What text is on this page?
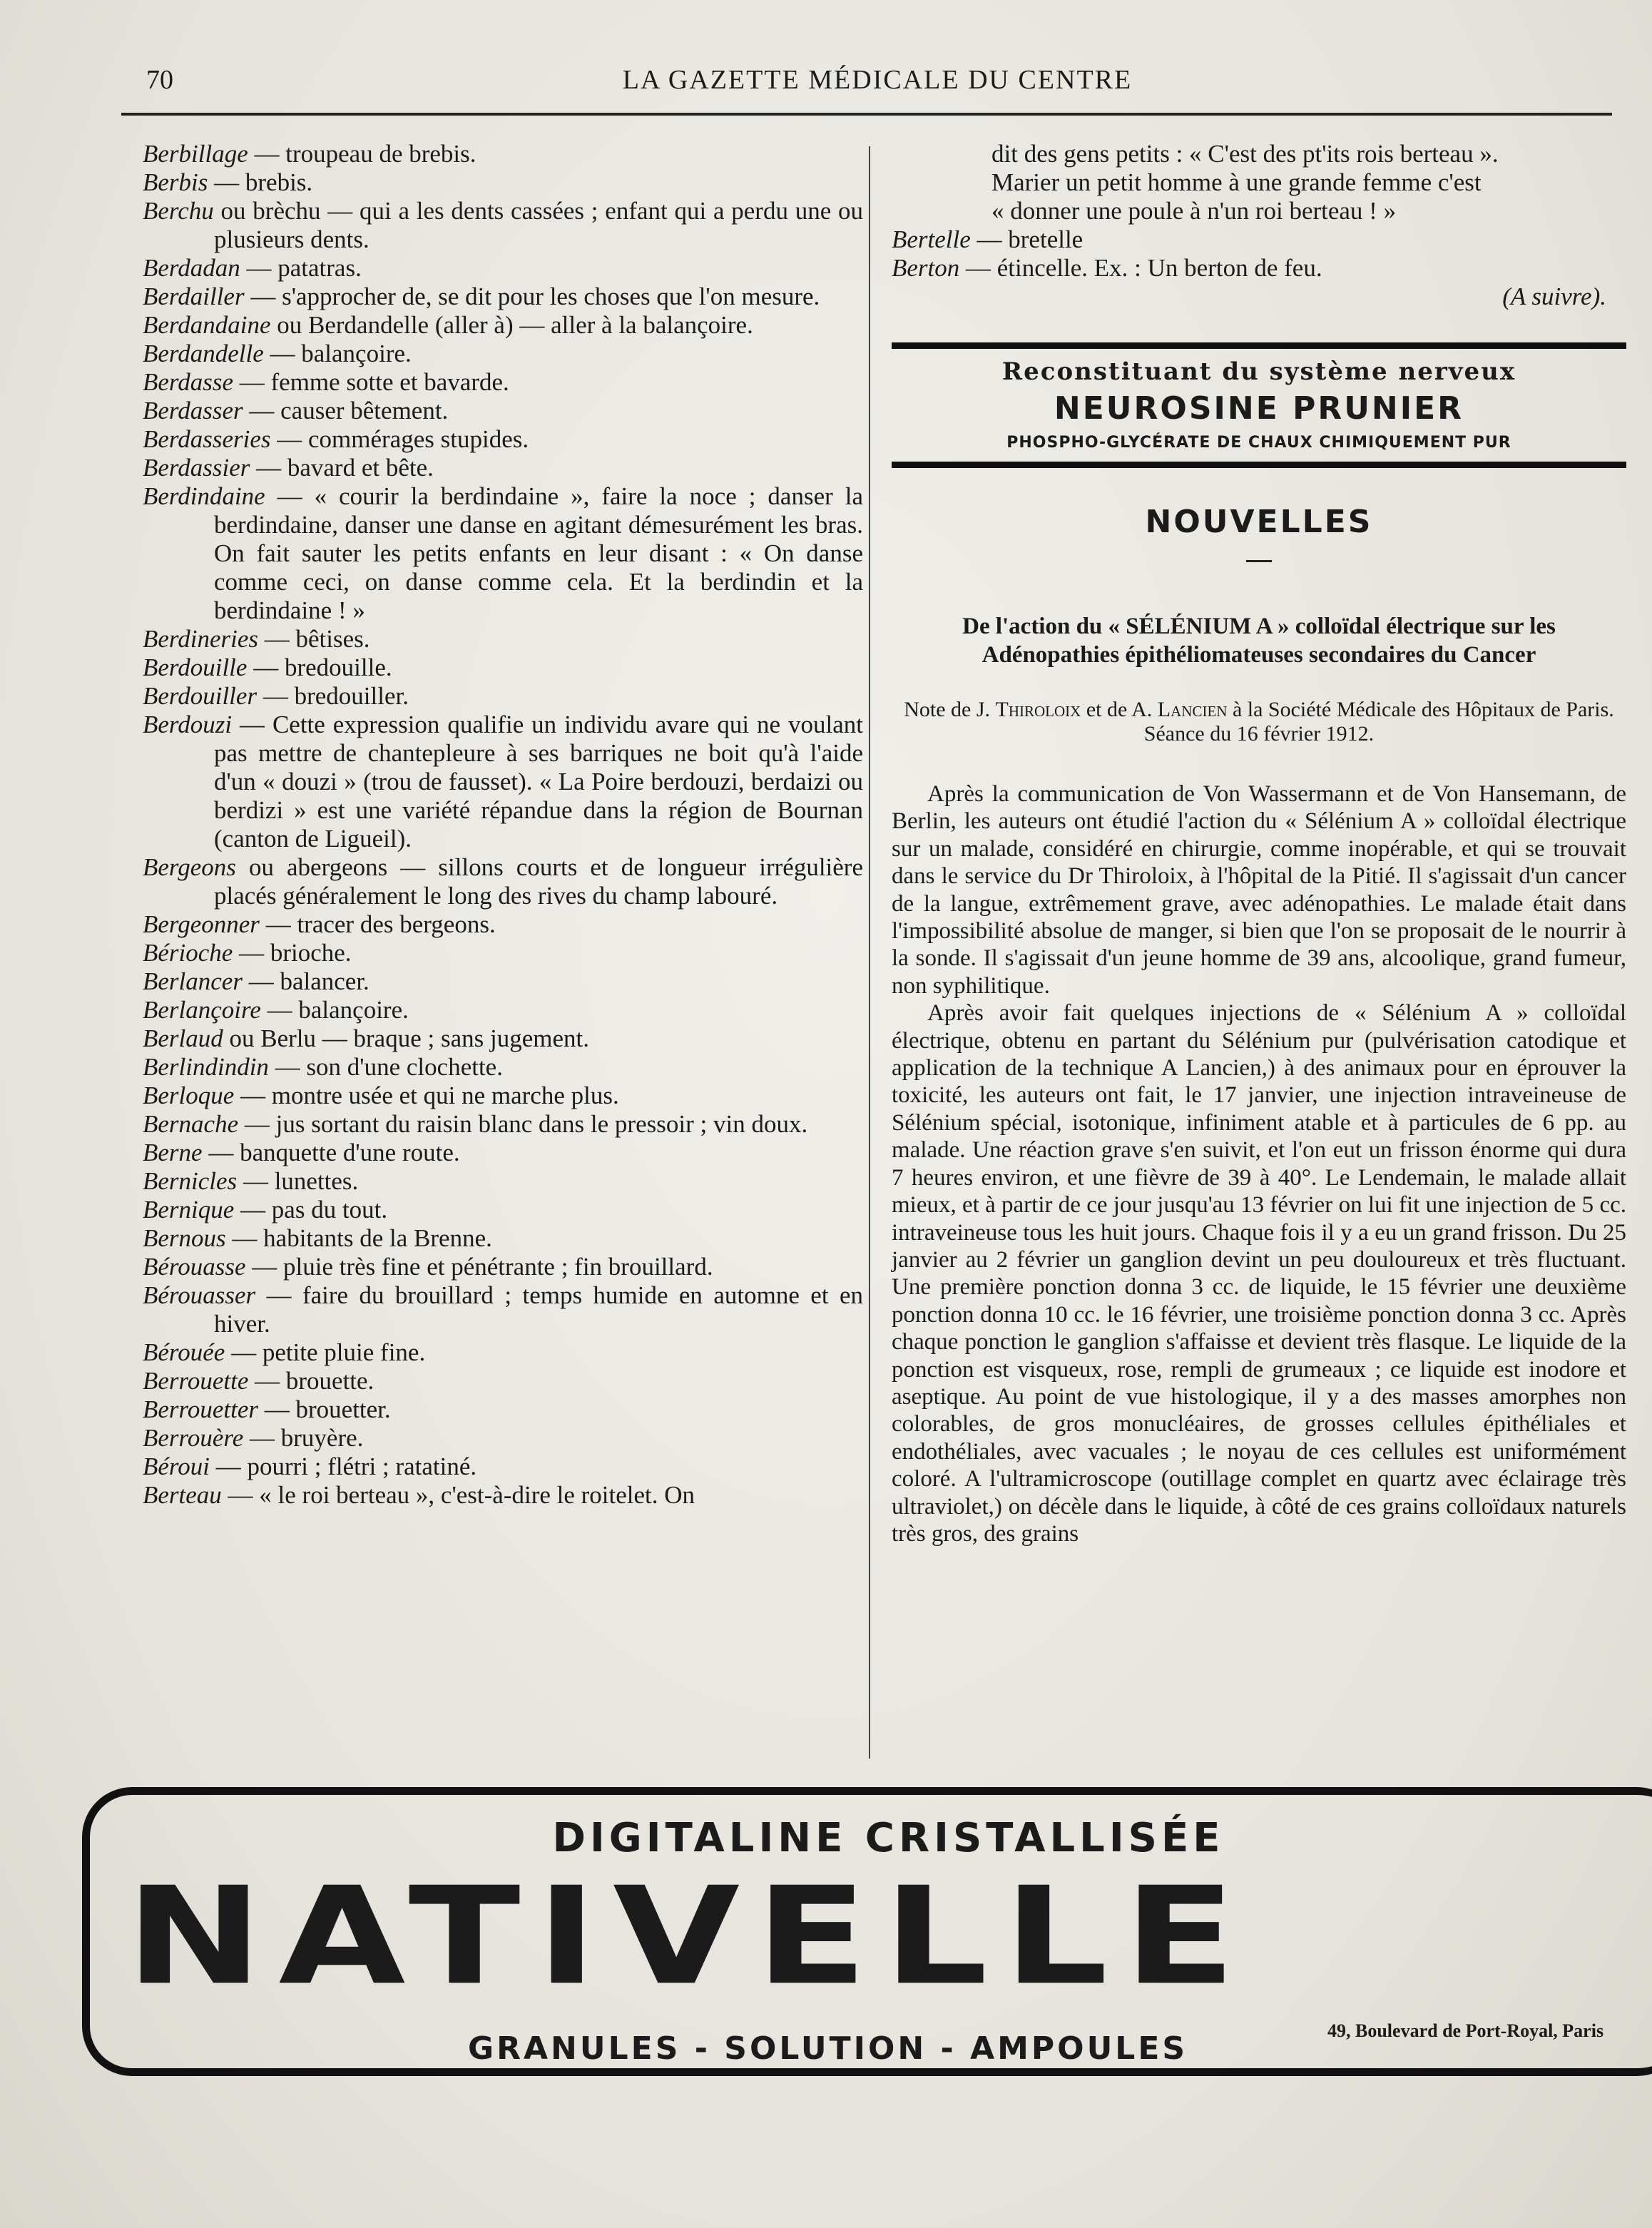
70	LA GAZETTE MÉDICALE DU CENTRE

Berbillage — troupeau de brebis.

Berbis — brebis.

Berchu ou brèchu — qui a les dents cassées ; enfant qui a perdu une ou plusieurs dents.

Berdadan — patatras.

Berdailler — s'approcher de, se dit pour les choses que l'on mesure.

Berdandaine ou Berdandelle (aller à) — aller à la balançoire.

Berdandelle — balançoire.

Berdasse — femme sotte et bavarde.

Berdasser — causer bêtement.

Berdasseries — commérages stupides.

Berdassier — bavard et bête.

Berdindaine — « courir la berdindaine », faire la noce ; danser la berdindaine, danser une danse en agitant démesurément les bras. On fait sauter les petits enfants en leur disant : « On danse comme ceci, on danse comme cela. Et la berdindin et la berdindaine ! »

Berdineries — bêtises.

Berdouille — bredouille.

Berdouiller — bredouiller.

Berdouzi — Cette expression qualifie un individu avare qui ne voulant pas mettre de chantepleure à ses barriques ne boit qu'à l'aide d'un « douzi » (trou de fausset). « La Poire berdouzi, berdaizi ou berdizi » est une variété répandue dans la région de Bournan (canton de Ligueil).

Bergeons ou abergeons — sillons courts et de longueur irrégulière placés généralement le long des rives du champ labouré.

Bergeonner — tracer des bergeons.

Bérioche — brioche.

Berlancer — balancer.

Berlançoire — balançoire.

Berlaud ou Berlu — braque ; sans jugement.

Berlindindin — son d'une clochette.

Berloque — montre usée et qui ne marche plus.

Bernache — jus sortant du raisin blanc dans le pressoir ; vin doux.

Berne — banquette d'une route.

Bernicles — lunettes.

Bernique — pas du tout.

Bernous — habitants de la Brenne.

Bérouasse — pluie très fine et pénétrante ; fin brouillard.

Bérouasser — faire du brouillard ; temps humide en automne et en hiver.

Bérouée — petite pluie fine.

Berrouette — brouette.

Berrouetter — brouetter.

Berrouère — bruyère.

Béroui — pourri ; flétri ; ratatiné.

Berteau — « le roi berteau », c'est-à-dire le roitelet. On

dit des gens petits : « C'est des pt'its rois berteau ».

Marier un petit homme à une grande femme c'est

« donner une poule à n'un roi berteau ! »

Bertelle — bretelle

Berton — étincelle. Ex. : Un berton de feu.

(A suivre).

Reconstituant du système nerveux
NEUROSINE PRUNIER
PHOSPHO-GLYCÉRATE DE CHAUX CHIMIQUEMENT PUR
NOUVELLES
De l'action du « SÉLÉNIUM A » colloïdal électrique sur les Adénopathies épithéliomateuses secondaires du Cancer

Note de J. Thiroloix et de A. Lancien à la Société Médicale des Hôpitaux de Paris. Séance du 16 février 1912.

Après la communication de Von Wassermann et de Von Hansemann, de Berlin, les auteurs ont étudié l'action du « Sélénium A » colloïdal électrique sur un malade, considéré en chirurgie, comme inopérable, et qui se trouvait dans le service du Dr Thiroloix, à l'hôpital de la Pitié. Il s'agissait d'un cancer de la langue, extrêmement grave, avec adénopathies. Le malade était dans l'impossibilité absolue de manger, si bien que l'on se proposait de le nourrir à la sonde. Il s'agissait d'un jeune homme de 39 ans, alcoolique, grand fumeur, non syphilitique.

Après avoir fait quelques injections de « Sélénium A » colloïdal électrique, obtenu en partant du Sélénium pur (pulvérisation catodique et application de la technique A Lancien,) à des animaux pour en éprouver la toxicité, les auteurs ont fait, le 17 janvier, une injection intraveineuse de Sélénium spécial, isotonique, infiniment atable et à particules de 6 pp. au malade. Une réaction grave s'en suivit, et l'on eut un frisson énorme qui dura 7 heures environ, et une fièvre de 39 à 40°. Le Lendemain, le malade allait mieux, et à partir de ce jour jusqu'au 13 février on lui fit une injection de 5 cc. intraveineuse tous les huit jours. Chaque fois il y a eu un grand frisson. Du 25 janvier au 2 février un ganglion devint un peu douloureux et très fluctuant. Une première ponction donna 3 cc. de liquide, le 15 février une deuxième ponction donna 10 cc. le 16 février, une troisième ponction donna 3 cc. Après chaque ponction le ganglion s'affaisse et devient très flasque. Le liquide de la ponction est visqueux, rose, rempli de grumeaux ; ce liquide est inodore et aseptique. Au point de vue histologique, il y a des masses amorphes non colorables, de gros monucléaires, de grosses cellules épithéliales et endothéliales, avec vacuales ; le noyau de ces cellules est uniformément coloré. A l'ultramicroscope (outillage complet en quartz avec éclairage très ultraviolet,) on décèle dans le liquide, à côté de ces grains colloïdaux naturels très gros, des grains

DIGITALINE CRISTALLISÉE
NATIVELLE
GRANULES - SOLUTION - AMPOULES	49, Boulevard de Port-Royal, Paris
